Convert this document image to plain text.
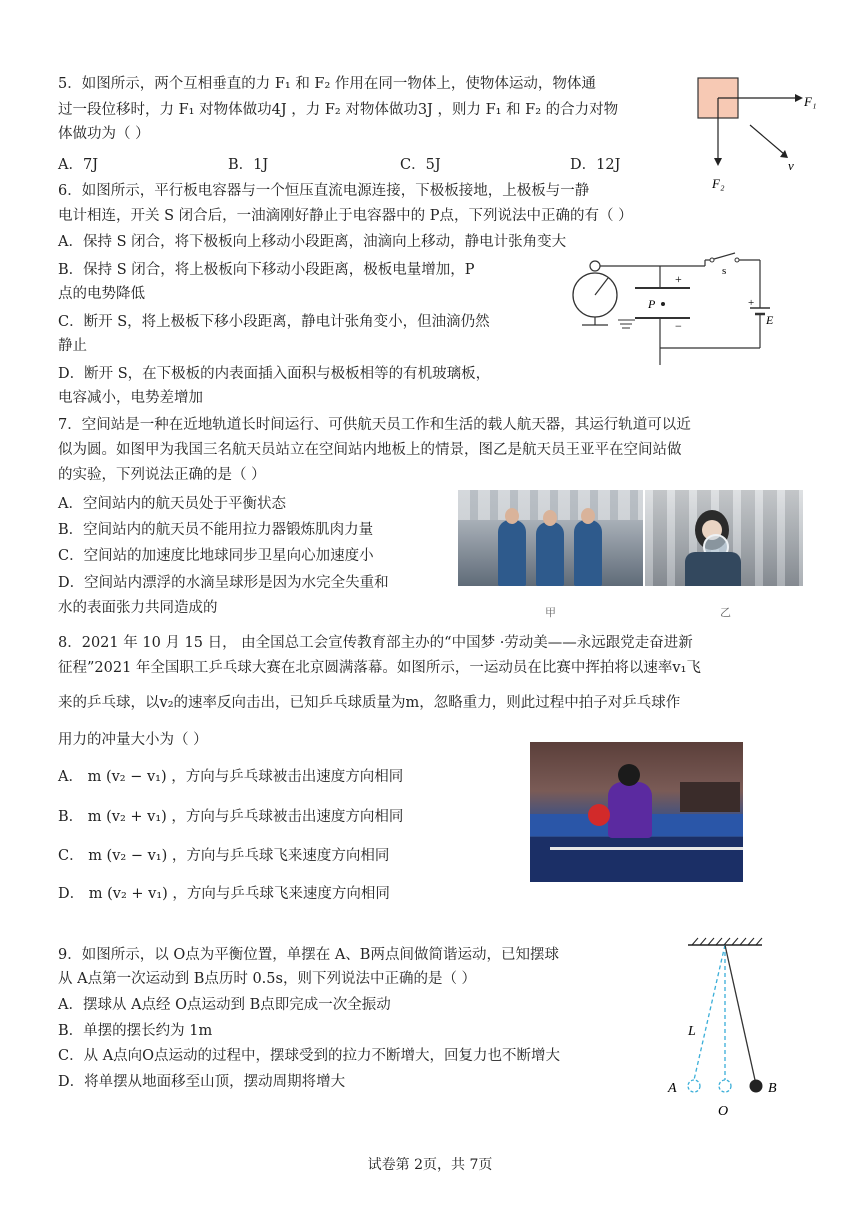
5．如图所示，两个互相垂直的力 F₁ 和 F₂ 作用在同一物体上，使物体运动，物体通
过一段位移时，力 F₁ 对物体做功4J ，力 F₂ 对物体做功3J ，则力 F₁ 和 F₂ 的合力对物
体做功为（ ）
A．7J	B．1J	C．5J	D．12J
F₁
F₂
v
6．如图所示，平行板电容器与一个恒压直流电源连接，下极板接地，上极板与一静
电计相连，开关 S 闭合后，一油滴刚好静止于电容器中的 P点，下列说法中正确的有（ ）
A．保持 S 闭合，将下极板向上移动小段距离，油滴向上移动，静电计张角变大
B．保持 S 闭合，将上极板向下移动小段距离，极板电量增加，P
点的电势降低
C．断开 S，将上极板下移小段距离，静电计张角变小，但油滴仍然
静止
D．断开 S，在下极板的内表面插入面积与极板相等的有机玻璃板，
电容减小，电势差增加
P
+
−
s
+
E
7．空间站是一种在近地轨道长时间运行、可供航天员工作和生活的载人航天器，其运行轨道可以近
似为圆。如图甲为我国三名航天员站立在空间站内地板上的情景，图乙是航天员王亚平在空间站做
的实验，下列说法正确的是（ ）
A．空间站内的航天员处于平衡状态
B．空间站内的航天员不能用拉力器锻炼肌肉力量
C．空间站的加速度比地球同步卫星向心加速度小
D．空间站内漂浮的水滴呈球形是因为水完全失重和
水的表面张力共同造成的	甲	乙
8．2021 年 10 月 15 日， 由全国总工会宣传教育部主办的“中国梦 ·劳动美——永远跟党走奋进新
征程”2021 年全国职工乒乓球大赛在北京圆满落幕。如图所示，一运动员在比赛中挥拍将以速率v₁飞
来的乒乓球，以v₂的速率反向击出，已知乒乓球质量为m，忽略重力，则此过程中拍子对乒乓球作
用力的冲量大小为（ ）
A． m (v₂ − v₁) ，方向与乒乓球被击出速度方向相同
B． m (v₂ + v₁) ，方向与乒乓球被击出速度方向相同
C． m (v₂ − v₁) ，方向与乒乓球飞来速度方向相同
D． m (v₂ + v₁) ，方向与乒乓球飞来速度方向相同
9．如图所示，以 O点为平衡位置，单摆在 A、B两点间做简谐运动，已知摆球
从 A点第一次运动到 B点历时 0.5s，则下列说法中正确的是（ ）
A．摆球从 A点经 O点运动到 B点即完成一次全振动
B．单摆的摆长约为 1m
C．从 A点向O点运动的过程中，摆球受到的拉力不断增大，回复力也不断增大
D．将单摆从地面移至山顶，摆动周期将增大
L
A
O
B
试卷第 2页，共 7页
